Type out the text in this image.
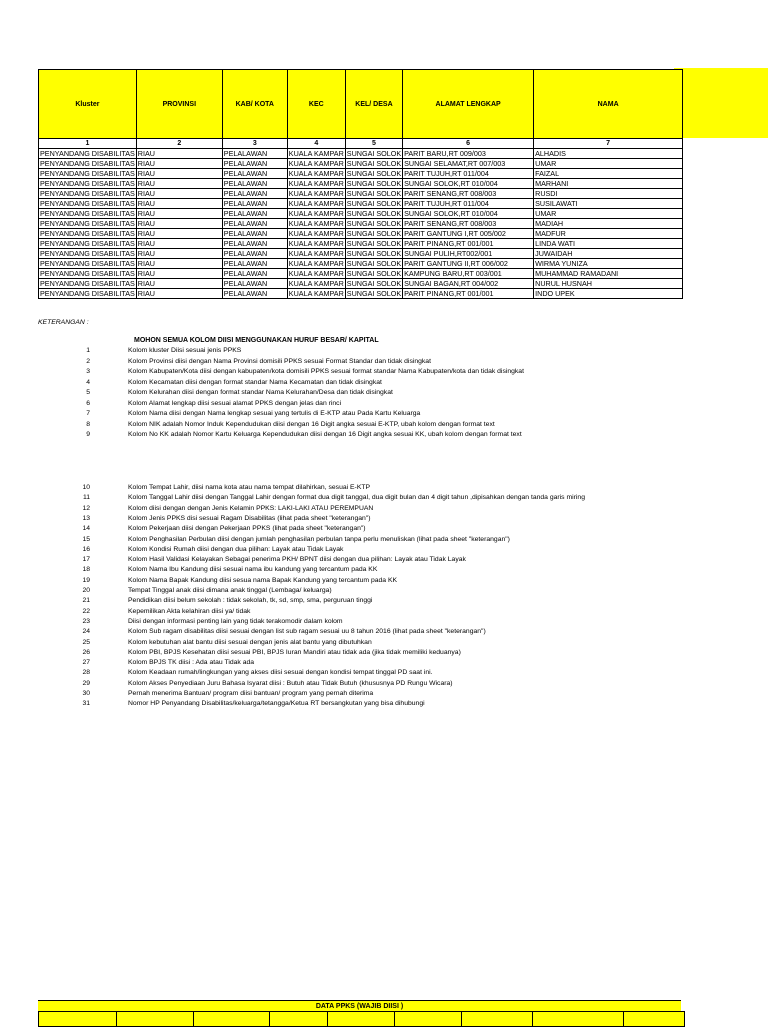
Kluster	PROVINSI	KAB/ KOTA	KEC	KEL/ DESA	ALAMAT LENGKAP	NAMA
1	2	3	4	5	6	7
PENYANDANG DISABILITAS	RIAU	PELALAWAN	KUALA KAMPAR	SUNGAI SOLOK	PARIT BARU,RT 009/003	ALHADIS
PENYANDANG DISABILITAS	RIAU	PELALAWAN	KUALA KAMPAR	SUNGAI SOLOK	SUNGAI SELAMAT,RT 007/003	UMAR
PENYANDANG DISABILITAS	RIAU	PELALAWAN	KUALA KAMPAR	SUNGAI SOLOK	PARIT TUJUH,RT 011/004	FAIZAL
PENYANDANG DISABILITAS	RIAU	PELALAWAN	KUALA KAMPAR	SUNGAI SOLOK	SUNGAI SOLOK,RT 010/004	MARHANI
PENYANDANG DISABILITAS	RIAU	PELALAWAN	KUALA KAMPAR	SUNGAI SOLOK	PARIT SENANG,RT 008/003	RUSDI
PENYANDANG DISABILITAS	RIAU	PELALAWAN	KUALA KAMPAR	SUNGAI SOLOK	PARIT TUJUH,RT 011/004	SUSILAWATI
PENYANDANG DISABILITAS	RIAU	PELALAWAN	KUALA KAMPAR	SUNGAI SOLOK	SUNGAI SOLOK,RT 010/004	UMAR
PENYANDANG DISABILITAS	RIAU	PELALAWAN	KUALA KAMPAR	SUNGAI SOLOK	PARIT SENANG,RT 008/003	MADIAH
PENYANDANG DISABILITAS	RIAU	PELALAWAN	KUALA KAMPAR	SUNGAI SOLOK	PARIT GANTUNG I,RT 005/002	MADFUR
PENYANDANG DISABILITAS	RIAU	PELALAWAN	KUALA KAMPAR	SUNGAI SOLOK	PARIT PINANG,RT 001/001	LINDA WATI
PENYANDANG DISABILITAS	RIAU	PELALAWAN	KUALA KAMPAR	SUNGAI SOLOK	SUNGAI PULIH,RT002/001	JUWAIDAH
PENYANDANG DISABILITAS	RIAU	PELALAWAN	KUALA KAMPAR	SUNGAI SOLOK	PARIT GANTUNG II,RT 006/002	WIRMA YUNIZA
PENYANDANG DISABILITAS	RIAU	PELALAWAN	KUALA KAMPAR	SUNGAI SOLOK	KAMPUNG BARU,RT 003/001	MUHAMMAD RAMADANI
PENYANDANG DISABILITAS	RIAU	PELALAWAN	KUALA KAMPAR	SUNGAI SOLOK	SUNGAI BAGAN,RT 004/002	NURUL HUSNAH
PENYANDANG DISABILITAS	RIAU	PELALAWAN	KUALA KAMPAR	SUNGAI SOLOK	PARIT PINANG,RT 001/001	INDO UPEK
KETERANGAN :
MOHON SEMUA KOLOM DIISI MENGGUNAKAN HURUF BESAR/ KAPITAL
1	Kolom kluster Diisi sesuai jenis PPKS
2	Kolom Provinsi diisi dengan Nama Provinsi domisili PPKS sesuai Format Standar dan tidak disingkat
3	Kolom Kabupaten/Kota diisi dengan kabupaten/kota domisili PPKS sesuai format standar Nama Kabupaten/kota dan tidak disingkat
4	Kolom Kecamatan diisi dengan format standar Nama Kecamatan dan tidak disingkat
5	Kolom Kelurahan diisi dengan format standar Nama Kelurahan/Desa dan tidak disingkat
6	Kolom Alamat lengkap diisi sesuai alamat PPKS dengan jelas dan rinci
7	Kolom Nama diisi dengan Nama lengkap sesuai yang tertulis di E-KTP atau Pada Kartu Keluarga
8	Kolom NIK adalah Nomor Induk Kependudukan diisi dengan 16 Digit angka sesuai E-KTP, ubah kolom dengan format text
9	Kolom No KK adalah Nomor Kartu Keluarga Kependudukan diisi dengan 16 Digit angka sesuai KK, ubah kolom dengan format text
10	Kolom Tempat Lahir, diisi nama kota atau nama tempat dilahirkan, sesuai E-KTP
11	Kolom Tanggal Lahir diisi dengan Tanggal Lahir dengan format dua digit tanggal, dua digit bulan dan 4 digit tahun ,dipisahkan dengan tanda garis miring
12	Kolom diisi dengan dengan Jenis Kelamin PPKS: LAKI-LAKI ATAU PEREMPUAN
13	Kolom Jenis PPKS disi sesuai Ragam Disabilitas (lihat pada sheet "keterangan")
14	Kolom Pekerjaan diisi dengan Pekerjaan PPKS (lihat pada sheet "keterangan")
15	Kolom Penghasilan Perbulan diisi dengan jumlah penghasilan perbulan tanpa perlu menuliskan (lihat pada sheet "keterangan")
16	Kolom Kondisi Rumah diisi dengan dua pilihan: Layak atau Tidak Layak
17	Kolom Hasil Validasi Kelayakan Sebagai penerima PKH/ BPNT diisi dengan dua pilihan: Layak atau Tidak Layak
18	Kolom Nama Ibu Kandung diisi sesuai nama ibu kandung yang tercantum pada KK
19	Kolom Nama Bapak Kandung diisi sesua nama Bapak Kandung yang tercantum pada KK
20	Tempat Tinggal anak diisi dimana anak tinggal (Lembaga/ keluarga)
21	Pendidikan diisi belum sekolah : tidak sekolah, tk, sd, smp, sma, perguruan tinggi
22	Kepemilikan Akta kelahiran diisi ya/ tidak
23	Diisi dengan informasi penting lain yang tidak terakomodir dalam kolom
24	Kolom Sub ragam disabilitas diisi sesuai dengan list sub ragam sesuai uu 8 tahun 2016 (lihat pada sheet "keterangan")
25	Kolom kebutuhan alat bantu diisi sesuai dengan jenis alat bantu yang dibutuhkan
26	Kolom PBI, BPJS Kesehatan diisi sesuai PBI, BPJS Iuran Mandiri atau tidak ada (jika tidak memiliki keduanya)
27	Kolom BPJS TK diisi : Ada atau Tidak ada
28	Kolom Keadaan rumah/lingkungan yang akses diisi sesuai dengan kondisi tempat tinggal PD saat ini.
29	Kolom Akses Penyediaan Juru Bahasa Isyarat diisi : Butuh atau Tidak Butuh (khususnya PD Rungu Wicara)
30	Pernah menerima Bantuan/ program diisi bantuan/ program yang pernah diterima
31	Nomor HP Penyandang Disabilitas/keluarga/tetangga/Ketua RT bersangkutan yang bisa dihubungi
DATA PPKS (WAJIB DIISI )
